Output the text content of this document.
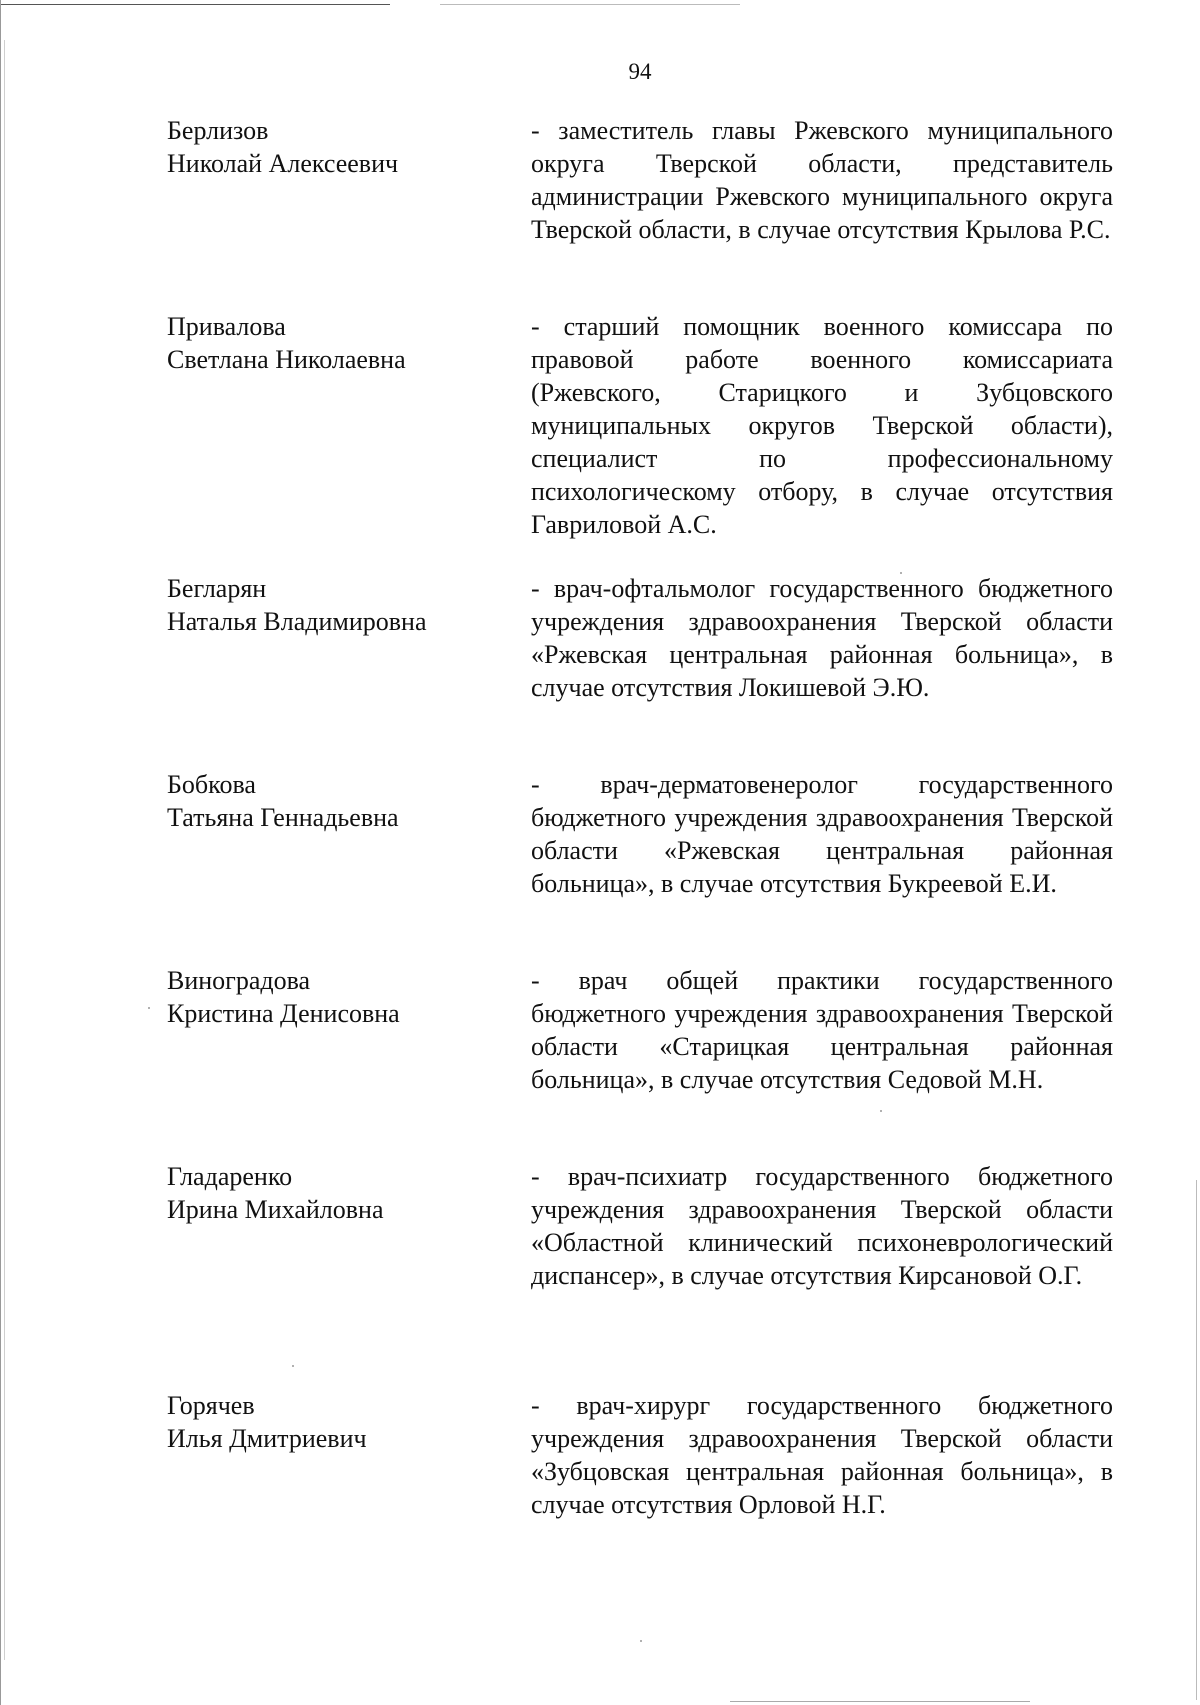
94
Берлизов
Николай Алексеевич
- заместитель главы Ржевского муниципального округа Тверской области, представитель администрации Ржевского муниципального округа Тверской области, в случае отсутствия Крылова Р.С.
Привалова
Светлана Николаевна
- старший помощник военного комиссара по правовой работе военного комиссариата (Ржевского, Старицкого и Зубцовского муниципальных округов Тверской области), специалист по профессиональному психологическому отбору, в случае отсутствия Гавриловой А.С.
Бегларян
Наталья Владимировна
- врач-офтальмолог государственного бюджетного учреждения здравоохранения Тверской области «Ржевская центральная районная больница», в случае отсутствия Локишевой Э.Ю.
Бобкова
Татьяна Геннадьевна
- врач-дерматовенеролог государственного бюджетного учреждения здравоохранения Тверской области «Ржевская центральная районная больница», в случае отсутствия Букреевой Е.И.
Виноградова
Кристина Денисовна
- врач общей практики государственного бюджетного учреждения здравоохранения Тверской области «Старицкая центральная районная больница», в случае отсутствия Седовой М.Н.
Гладаренко
Ирина Михайловна
- врач-психиатр государственного бюджетного учреждения здравоохранения Тверской области «Областной клинический психоневрологический диспансер», в случае отсутствия Кирсановой О.Г.
Горячев
Илья Дмитриевич
- врач-хирург государственного бюджетного учреждения здравоохранения Тверской области «Зубцовская центральная районная больница», в случае отсутствия Орловой Н.Г.
